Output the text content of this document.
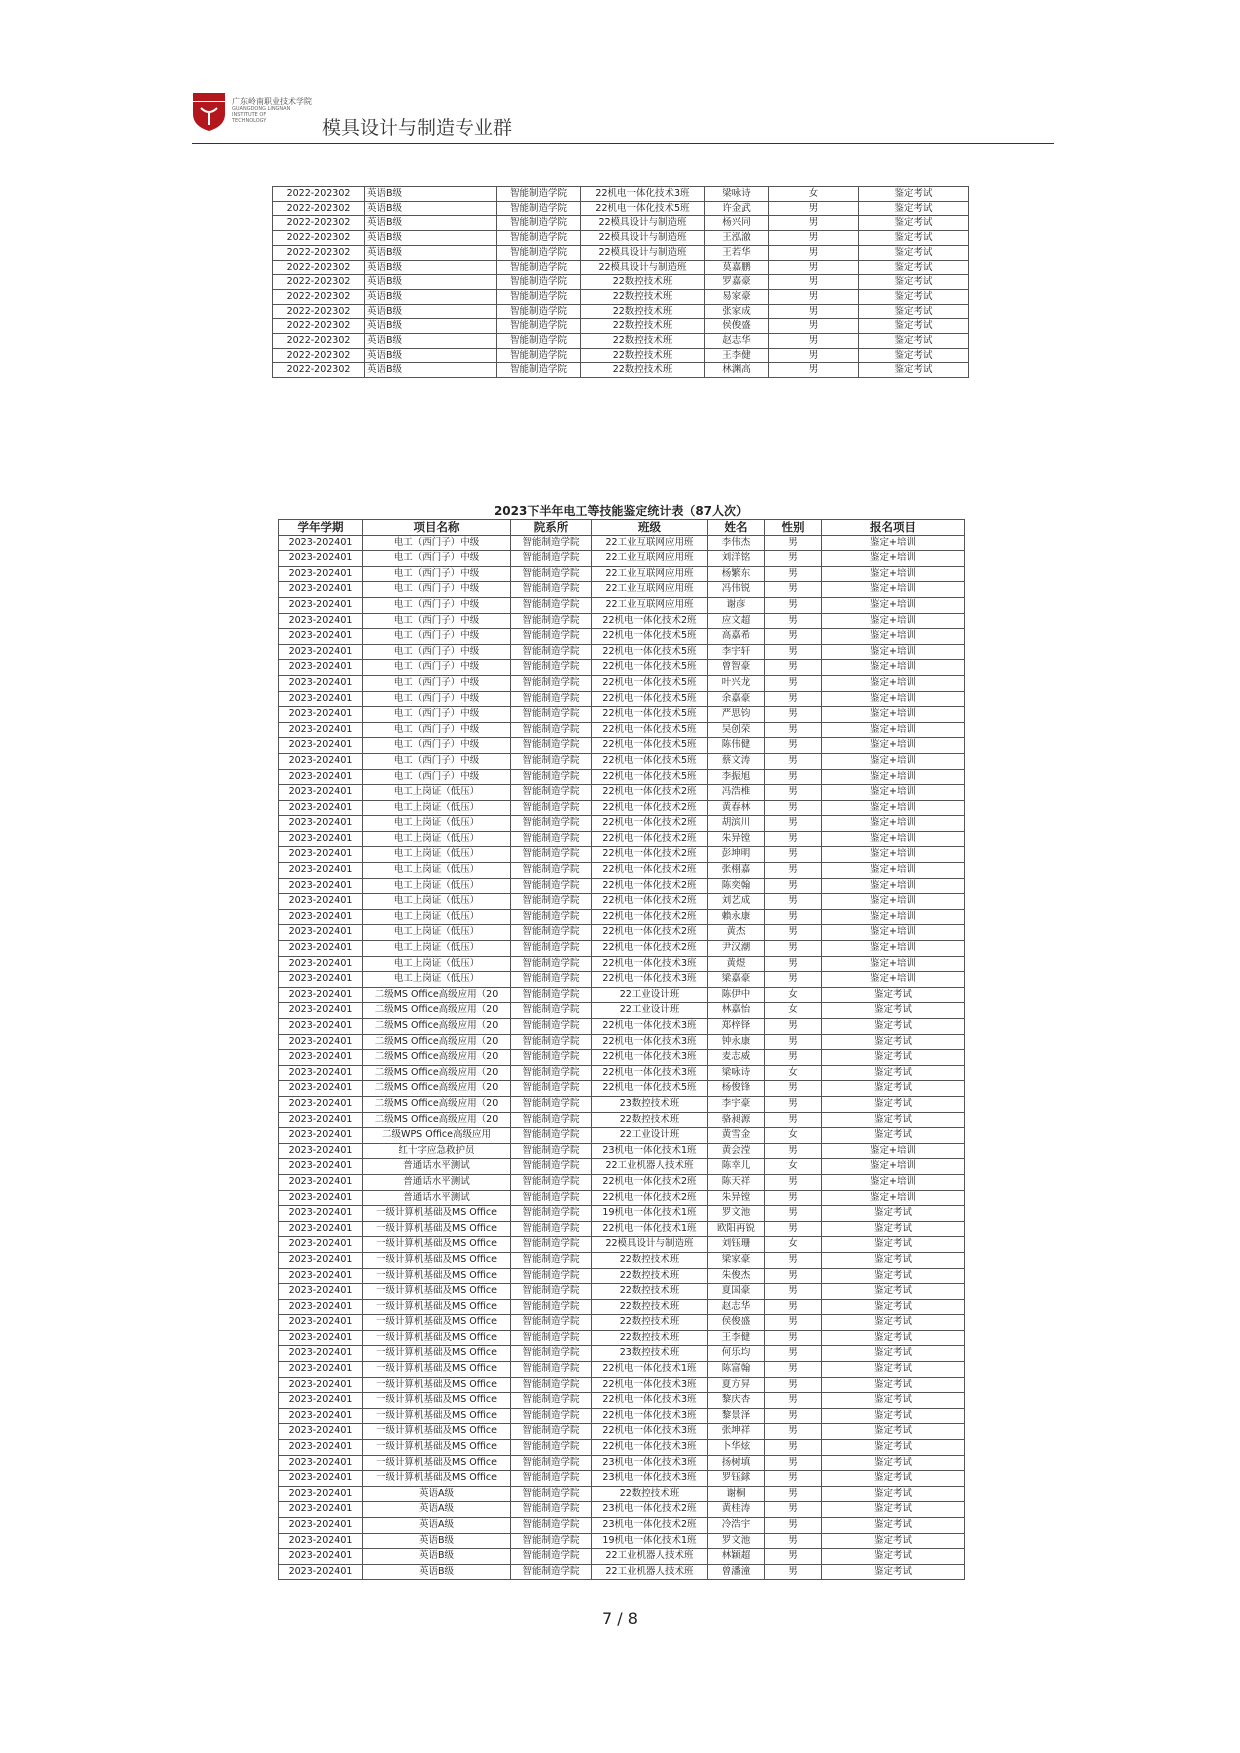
广东岭南职业技术学院
GUANGDONG LINGNAN INSTITUTE OF TECHNOLOGY	模具设计与制造专业群
2022-202302	英语B级	智能制造学院	22机电一体化技术3班	梁咏诗	女	鉴定考试
2022-202302	英语B级	智能制造学院	22机电一体化技术5班	许金武	男	鉴定考试
2022-202302	英语B级	智能制造学院	22模具设计与制造班	杨兴同	男	鉴定考试
2022-202302	英语B级	智能制造学院	22模具设计与制造班	王泓澈	男	鉴定考试
2022-202302	英语B级	智能制造学院	22模具设计与制造班	王若华	男	鉴定考试
2022-202302	英语B级	智能制造学院	22模具设计与制造班	莫嘉鹏	男	鉴定考试
2022-202302	英语B级	智能制造学院	22数控技术班	罗嘉豪	男	鉴定考试
2022-202302	英语B级	智能制造学院	22数控技术班	易家豪	男	鉴定考试
2022-202302	英语B级	智能制造学院	22数控技术班	张家成	男	鉴定考试
2022-202302	英语B级	智能制造学院	22数控技术班	侯俊盛	男	鉴定考试
2022-202302	英语B级	智能制造学院	22数控技术班	赵志华	男	鉴定考试
2022-202302	英语B级	智能制造学院	22数控技术班	王李健	男	鉴定考试
2022-202302	英语B级	智能制造学院	22数控技术班	林渊高	男	鉴定考试
2023下半年电工等技能鉴定统计表（87人次）
学年学期	项目名称	院系所	班级	姓名	性别	报名项目
2023-202401	电工（西门子）中级	智能制造学院	22工业互联网应用班	李伟杰	男	鉴定+培训
2023-202401	电工（西门子）中级	智能制造学院	22工业互联网应用班	刘洋铭	男	鉴定+培训
2023-202401	电工（西门子）中级	智能制造学院	22工业互联网应用班	杨繁东	男	鉴定+培训
2023-202401	电工（西门子）中级	智能制造学院	22工业互联网应用班	冯伟锐	男	鉴定+培训
2023-202401	电工（西门子）中级	智能制造学院	22工业互联网应用班	谢彦	男	鉴定+培训
2023-202401	电工（西门子）中级	智能制造学院	22机电一体化技术2班	应文超	男	鉴定+培训
2023-202401	电工（西门子）中级	智能制造学院	22机电一体化技术5班	高嘉希	男	鉴定+培训
2023-202401	电工（西门子）中级	智能制造学院	22机电一体化技术5班	李宇轩	男	鉴定+培训
2023-202401	电工（西门子）中级	智能制造学院	22机电一体化技术5班	曾智豪	男	鉴定+培训
2023-202401	电工（西门子）中级	智能制造学院	22机电一体化技术5班	叶兴龙	男	鉴定+培训
2023-202401	电工（西门子）中级	智能制造学院	22机电一体化技术5班	余嘉豪	男	鉴定+培训
2023-202401	电工（西门子）中级	智能制造学院	22机电一体化技术5班	严思钧	男	鉴定+培训
2023-202401	电工（西门子）中级	智能制造学院	22机电一体化技术5班	吴创荣	男	鉴定+培训
2023-202401	电工（西门子）中级	智能制造学院	22机电一体化技术5班	陈伟健	男	鉴定+培训
2023-202401	电工（西门子）中级	智能制造学院	22机电一体化技术5班	蔡文涛	男	鉴定+培训
2023-202401	电工（西门子）中级	智能制造学院	22机电一体化技术5班	李振旭	男	鉴定+培训
2023-202401	电工上岗证（低压）	智能制造学院	22机电一体化技术2班	冯浩椎	男	鉴定+培训
2023-202401	电工上岗证（低压）	智能制造学院	22机电一体化技术2班	黄春林	男	鉴定+培训
2023-202401	电工上岗证（低压）	智能制造学院	22机电一体化技术2班	胡滨川	男	鉴定+培训
2023-202401	电工上岗证（低压）	智能制造学院	22机电一体化技术2班	朱异镗	男	鉴定+培训
2023-202401	电工上岗证（低压）	智能制造学院	22机电一体化技术2班	彭坤明	男	鉴定+培训
2023-202401	电工上岗证（低压）	智能制造学院	22机电一体化技术2班	张栩嘉	男	鉴定+培训
2023-202401	电工上岗证（低压）	智能制造学院	22机电一体化技术2班	陈奕翰	男	鉴定+培训
2023-202401	电工上岗证（低压）	智能制造学院	22机电一体化技术2班	刘艺成	男	鉴定+培训
2023-202401	电工上岗证（低压）	智能制造学院	22机电一体化技术2班	賴永康	男	鉴定+培训
2023-202401	电工上岗证（低压）	智能制造学院	22机电一体化技术2班	黄杰	男	鉴定+培训
2023-202401	电工上岗证（低压）	智能制造学院	22机电一体化技术2班	尹汉潮	男	鉴定+培训
2023-202401	电工上岗证（低压）	智能制造学院	22机电一体化技术3班	黄煜	男	鉴定+培训
2023-202401	电工上岗证（低压）	智能制造学院	22机电一体化技术3班	梁嘉豪	男	鉴定+培训
2023-202401	二级MS Office高级应用（20	智能制造学院	22工业设计班	陈伊中	女	鉴定考试
2023-202401	二级MS Office高级应用（20	智能制造学院	22工业设计班	林嘉怡	女	鉴定考试
2023-202401	二级MS Office高级应用（20	智能制造学院	22机电一体化技术3班	郑梓铎	男	鉴定考试
2023-202401	二级MS Office高级应用（20	智能制造学院	22机电一体化技术3班	钟永康	男	鉴定考试
2023-202401	二级MS Office高级应用（20	智能制造学院	22机电一体化技术3班	麦志威	男	鉴定考试
2023-202401	二级MS Office高级应用（20	智能制造学院	22机电一体化技术3班	梁咏诗	女	鉴定考试
2023-202401	二级MS Office高级应用（20	智能制造学院	22机电一体化技术5班	杨俊锋	男	鉴定考试
2023-202401	二级MS Office高级应用（20	智能制造学院	23数控技术班	李宇豪	男	鉴定考试
2023-202401	二级MS Office高级应用（20	智能制造学院	22数控技术班	骆昶源	男	鉴定考试
2023-202401	二级WPS Office高级应用	智能制造学院	22工业设计班	黄雪金	女	鉴定考试
2023-202401	红十字应急救护员	智能制造学院	23机电一体化技术1班	黄会滢	男	鉴定+培训
2023-202401	普通话水平测试	智能制造学院	22工业机器人技术班	陈幸儿	女	鉴定+培训
2023-202401	普通话水平测试	智能制造学院	22机电一体化技术2班	陈天祥	男	鉴定+培训
2023-202401	普通话水平测试	智能制造学院	22机电一体化技术2班	朱异镗	男	鉴定+培训
2023-202401	一级计算机基础及MS Office	智能制造学院	19机电一体化技术1班	罗文池	男	鉴定考试
2023-202401	一级计算机基础及MS Office	智能制造学院	22机电一体化技术1班	欧阳再锐	男	鉴定考试
2023-202401	一级计算机基础及MS Office	智能制造学院	22模具设计与制造班	刘钰珊	女	鉴定考试
2023-202401	一级计算机基础及MS Office	智能制造学院	22数控技术班	梁家豪	男	鉴定考试
2023-202401	一级计算机基础及MS Office	智能制造学院	22数控技术班	朱俊杰	男	鉴定考试
2023-202401	一级计算机基础及MS Office	智能制造学院	22数控技术班	夏国豪	男	鉴定考试
2023-202401	一级计算机基础及MS Office	智能制造学院	22数控技术班	赵志华	男	鉴定考试
2023-202401	一级计算机基础及MS Office	智能制造学院	22数控技术班	侯俊盛	男	鉴定考试
2023-202401	一级计算机基础及MS Office	智能制造学院	22数控技术班	王李健	男	鉴定考试
2023-202401	一级计算机基础及MS Office	智能制造学院	23数控技术班	何乐均	男	鉴定考试
2023-202401	一级计算机基础及MS Office	智能制造学院	22机电一体化技术1班	陈富翰	男	鉴定考试
2023-202401	一级计算机基础及MS Office	智能制造学院	22机电一体化技术3班	夏方昇	男	鉴定考试
2023-202401	一级计算机基础及MS Office	智能制造学院	22机电一体化技术3班	黎庆杏	男	鉴定考试
2023-202401	一级计算机基础及MS Office	智能制造学院	22机电一体化技术3班	黎景泽	男	鉴定考试
2023-202401	一级计算机基础及MS Office	智能制造学院	22机电一体化技术3班	张坤祥	男	鉴定考试
2023-202401	一级计算机基础及MS Office	智能制造学院	22机电一体化技术3班	卜华炫	男	鉴定考试
2023-202401	一级计算机基础及MS Office	智能制造学院	23机电一体化技术3班	扬树填	男	鉴定考试
2023-202401	一级计算机基础及MS Office	智能制造学院	23机电一体化技术3班	罗钰銶	男	鉴定考试
2023-202401	英语A级	智能制造学院	22数控技术班	谢桐	男	鉴定考试
2023-202401	英语A级	智能制造学院	23机电一体化技术2班	黄桂涛	男	鉴定考试
2023-202401	英语A级	智能制造学院	23机电一体化技术2班	冷浩宇	男	鉴定考试
2023-202401	英语B级	智能制造学院	19机电一体化技术1班	罗文池	男	鉴定考试
2023-202401	英语B级	智能制造学院	22工业机器人技术班	林颖超	男	鉴定考试
2023-202401	英语B级	智能制造学院	22工业机器人技术班	曾潘潼	男	鉴定考试
7 / 8
